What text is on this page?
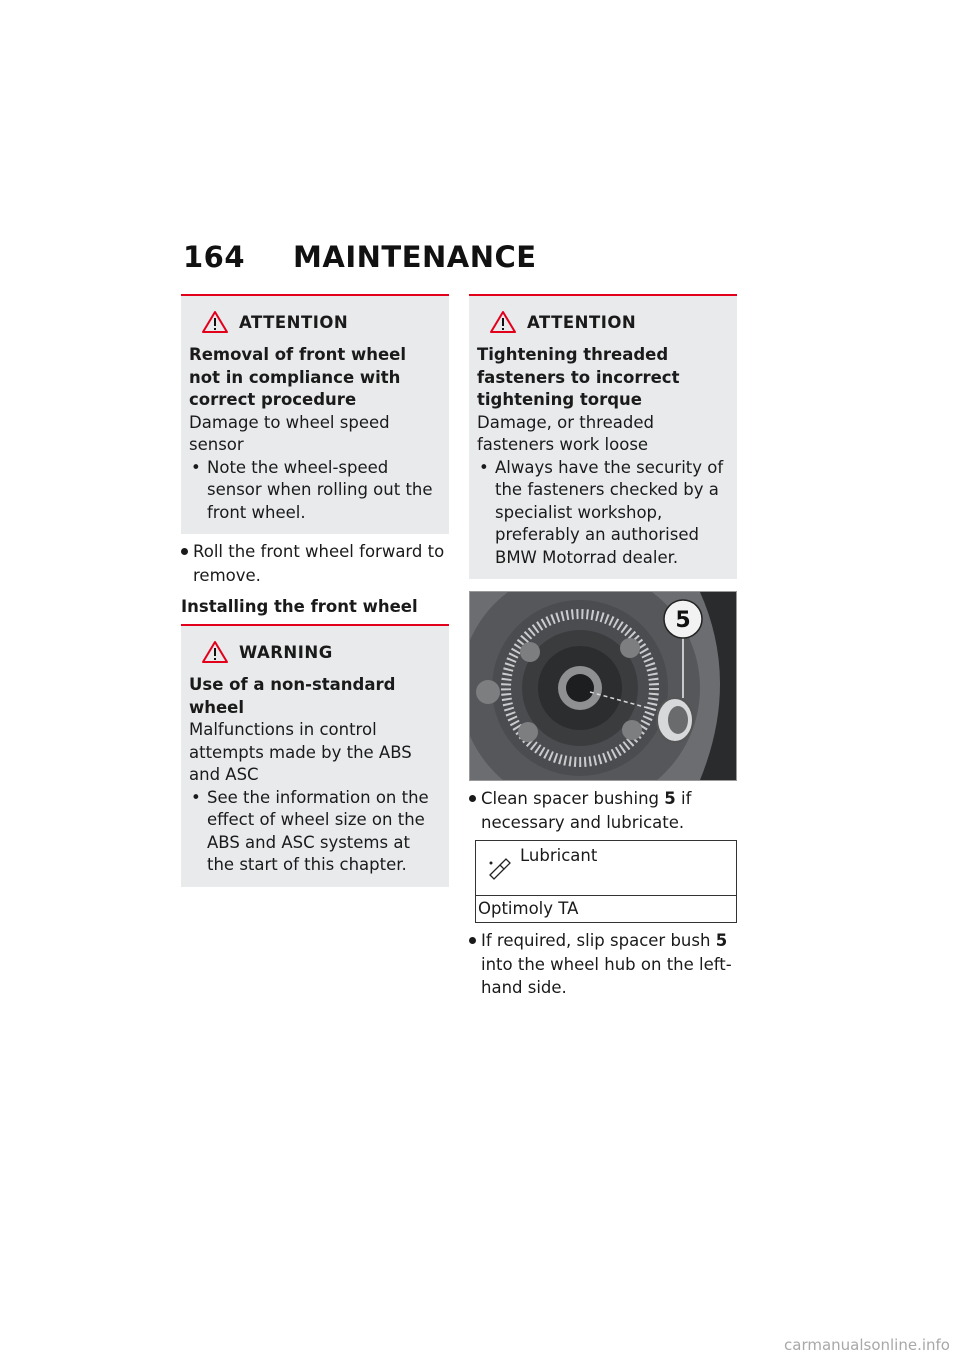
164 MAINTENANCE
ATTENTION
Removal of front wheel not in compliance with correct procedure
Damage to wheel speed sensor
• Note the wheel-speed sensor when rolling out the front wheel.
Roll the front wheel forward to remove.
Installing the front wheel
WARNING
Use of a non-standard wheel
Malfunctions in control attempts made by the ABS and ASC
• See the information on the effect of wheel size on the ABS and ASC systems at the start of this chapter.
ATTENTION
Tightening threaded fasteners to incorrect tightening torque
Damage, or threaded fasteners work loose
• Always have the security of the fasteners checked by a specialist workshop, preferably an authorised BMW Motorrad dealer.
5
Clean spacer bushing 5 if necessary and lubricate.
Lubricant
Optimoly TA
If required, slip spacer bush 5 into the wheel hub on the left-hand side.
carmanualsonline.info
